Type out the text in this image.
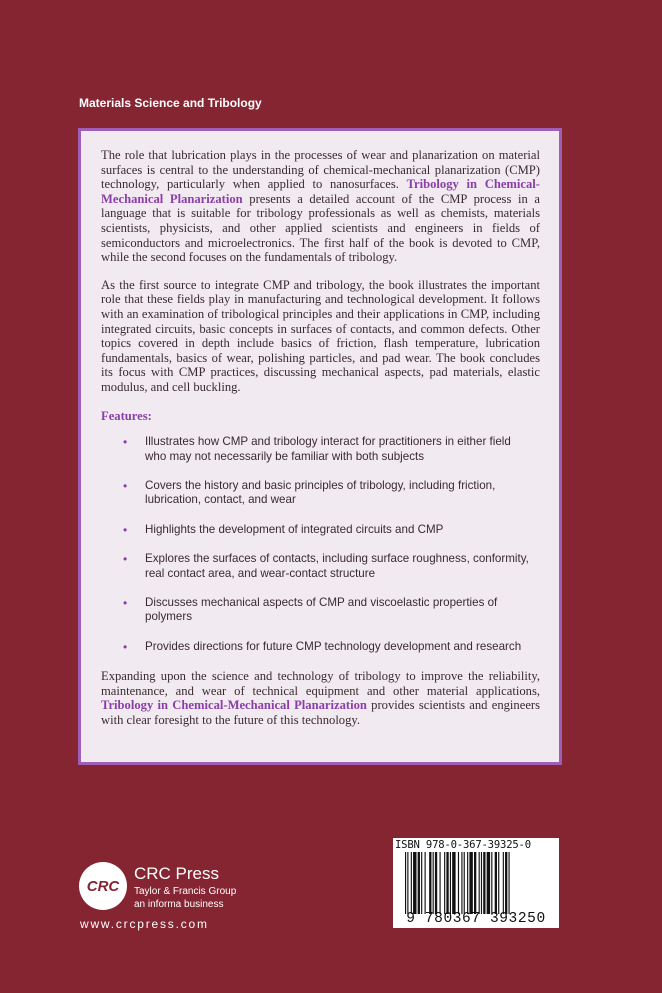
Materials Science and Tribology

The role that lubrication plays in the processes of wear and planarization on material surfaces is central to the understanding of chemical-mechanical planarization (CMP) technology, particularly when applied to nanosurfaces. Tribology in Chemical-Mechanical Planarization presents a detailed account of the CMP process in a language that is suitable for tribology professionals as well as chemists, materials scientists, physicists, and other applied scientists and engineers in fields of semiconductors and microelectronics. The first half of the book is devoted to CMP, while the second focuses on the fundamentals of tribology.

As the first source to integrate CMP and tribology, the book illustrates the important role that these fields play in manufacturing and technological development. It follows with an examination of tribological principles and their applications in CMP, including integrated circuits, basic concepts in surfaces of contacts, and common defects. Other topics covered in depth include basics of friction, flash temperature, lubrication fundamentals, basics of wear, polishing particles, and pad wear. The book concludes its focus with CMP practices, discussing mechanical aspects, pad materials, elastic modulus, and cell buckling.

Features:
• Illustrates how CMP and tribology interact for practitioners in either field who may not necessarily be familiar with both subjects
• Covers the history and basic principles of tribology, including friction, lubrication, contact, and wear
• Highlights the development of integrated circuits and CMP
• Explores the surfaces of contacts, including surface roughness, conformity, real contact area, and wear-contact structure
• Discusses mechanical aspects of CMP and viscoelastic properties of polymers
• Provides directions for future CMP technology development and research

Expanding upon the science and technology of tribology to improve the reliability, maintenance, and wear of technical equipment and other material applications, Tribology in Chemical-Mechanical Planarization provides scientists and engineers with clear foresight to the future of this technology.

CRC
CRC Press
Taylor & Francis Group
an informa business
www.crcpress.com
ISBN 978-0-367-39325-0
9 780367 393250
